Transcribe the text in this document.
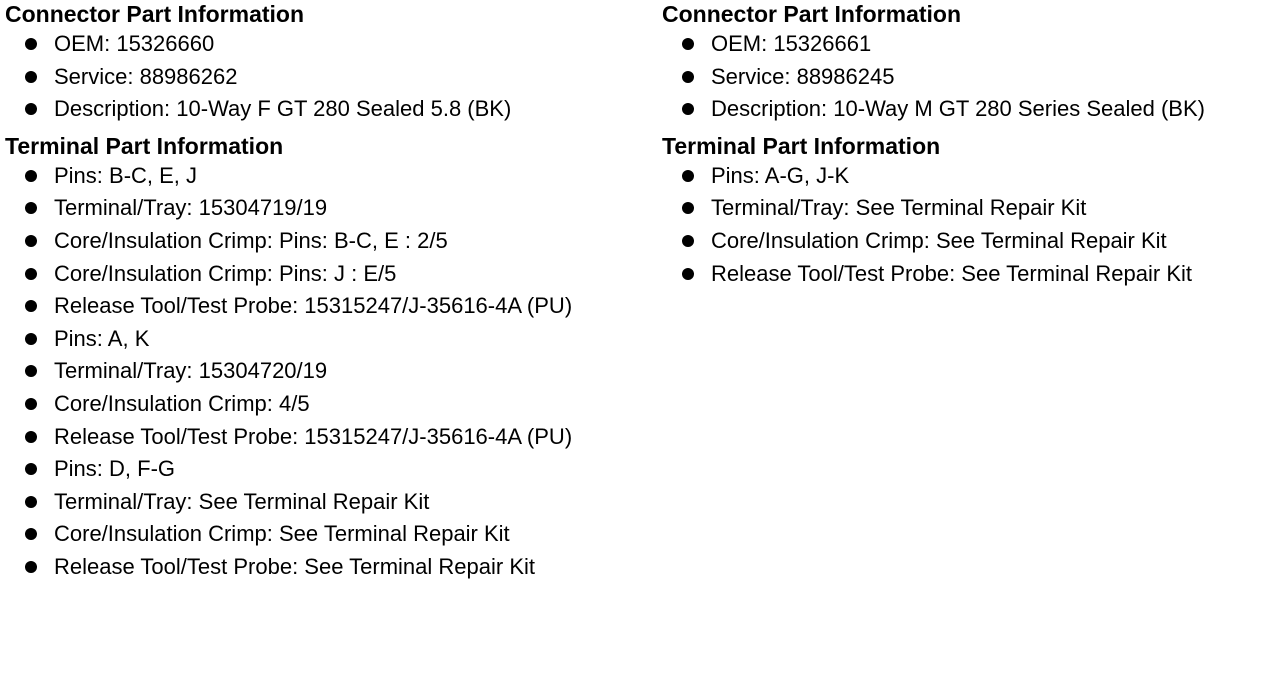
Connector Part Information
OEM: 15326660
Service: 88986262
Description: 10-Way F GT 280 Sealed 5.8 (BK)
Terminal Part Information
Pins: B-C, E, J
Terminal/Tray: 15304719/19
Core/Insulation Crimp: Pins: B-C, E : 2/5
Core/Insulation Crimp: Pins: J : E/5
Release Tool/Test Probe: 15315247/J-35616-4A (PU)
Pins: A, K
Terminal/Tray: 15304720/19
Core/Insulation Crimp: 4/5
Release Tool/Test Probe: 15315247/J-35616-4A (PU)
Pins: D, F-G
Terminal/Tray: See Terminal Repair Kit
Core/Insulation Crimp: See Terminal Repair Kit
Release Tool/Test Probe: See Terminal Repair Kit
Connector Part Information
OEM: 15326661
Service: 88986245
Description: 10-Way M GT 280 Series Sealed (BK)
Terminal Part Information
Pins: A-G, J-K
Terminal/Tray: See Terminal Repair Kit
Core/Insulation Crimp: See Terminal Repair Kit
Release Tool/Test Probe: See Terminal Repair Kit
